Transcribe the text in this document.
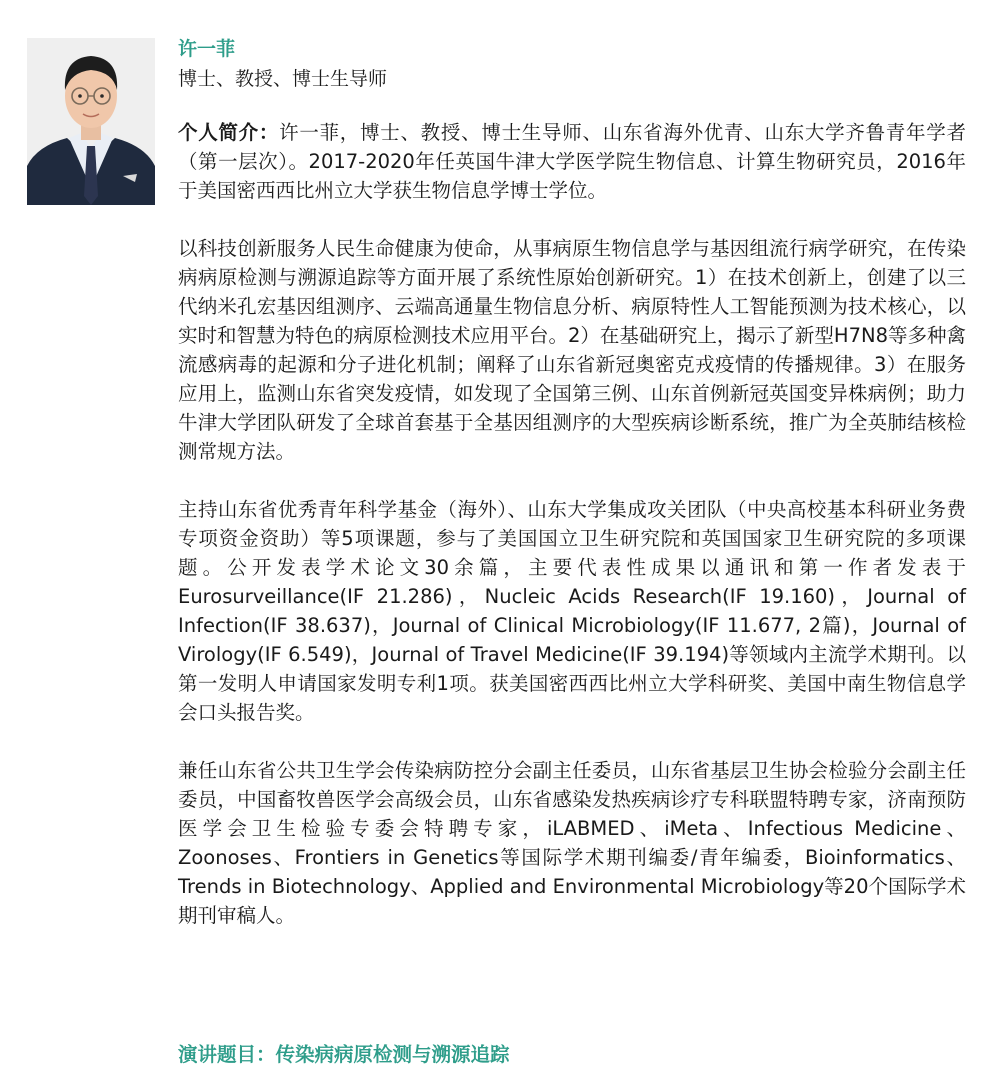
许一菲
博士、教授、博士生导师

个人简介：许一菲，博士、教授、博士生导师、山东省海外优青、山东大学齐鲁青年学者（第一层次）。2017-2020年任英国牛津大学医学院生物信息、计算生物研究员，2016年于美国密西西比州立大学获生物信息学博士学位。

以科技创新服务人民生命健康为使命，从事病原生物信息学与基因组流行病学研究，在传染病病原检测与溯源追踪等方面开展了系统性原始创新研究。1）在技术创新上，创建了以三代纳米孔宏基因组测序、云端高通量生物信息分析、病原特性人工智能预测为技术核心，以实时和智慧为特色的病原检测技术应用平台。2）在基础研究上，揭示了新型H7N8等多种禽流感病毒的起源和分子进化机制；阐释了山东省新冠奥密克戎疫情的传播规律。3）在服务应用上，监测山东省突发疫情，如发现了全国第三例、山东首例新冠英国变异株病例；助力牛津大学团队研发了全球首套基于全基因组测序的大型疾病诊断系统，推广为全英肺结核检测常规方法。

主持山东省优秀青年科学基金（海外）、山东大学集成攻关团队（中央高校基本科研业务费专项资金资助）等5项课题，参与了美国国立卫生研究院和英国国家卫生研究院的多项课题。公开发表学术论文30余篇，主要代表性成果以通讯和第一作者发表于Eurosurveillance(IF 21.286)，Nucleic Acids Research(IF 19.160)，Journal of Infection(IF 38.637)，Journal of Clinical Microbiology(IF 11.677, 2篇)，Journal of Virology(IF 6.549)，Journal of Travel Medicine(IF 39.194)等领域内主流学术期刊。以第一发明人申请国家发明专利1项。获美国密西西比州立大学科研奖、美国中南生物信息学会口头报告奖。

兼任山东省公共卫生学会传染病防控分会副主任委员，山东省基层卫生协会检验分会副主任委员，中国畜牧兽医学会高级会员，山东省感染发热疾病诊疗专科联盟特聘专家，济南预防医学会卫生检验专委会特聘专家，iLABMED、iMeta、Infectious Medicine、Zoonoses、Frontiers in Genetics等国际学术期刊编委/青年编委，Bioinformatics、Trends in Biotechnology、Applied and Environmental Microbiology等20个国际学术期刊审稿人。

演讲题目：传染病病原检测与溯源追踪
